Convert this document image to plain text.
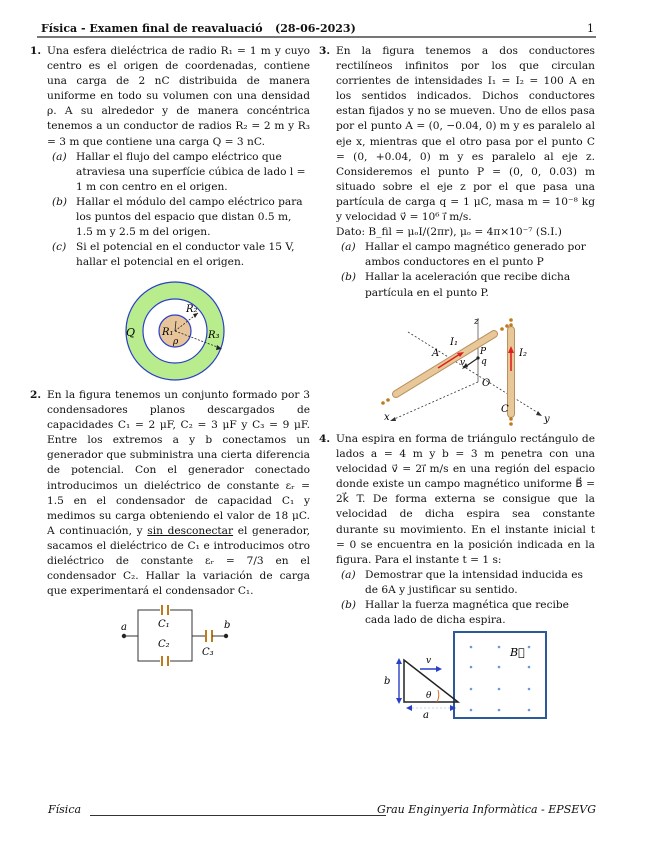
Física - Examen final de reavaluació (28-06-2023)	1
1. Una esfera dieléctrica de radio R₁ = 1 m y cuyo centro es el origen de coordenadas, contiene una carga de 2 nC distribuida de manera uniforme en todo su volumen con una densidad ρ. A su alrededor y de manera concéntrica tenemos a un conductor de radios R₂ = 2 m y R₃ = 3 m que contiene una carga Q = 3 nC.
(a) Hallar el flujo del campo eléctrico que atraviesa una superfície cúbica de lado l = 1 m con centro en el origen.
(b) Hallar el módulo del campo eléctrico para los puntos del espacio que distan 0.5 m, 1.5 m y 2.5 m del origen.
(c) Si el potencial en el conductor vale 15 V, hallar el potencial en el origen.
Q	R₁
ρ
R₂
R₃
2. En la figura tenemos un conjunto formado por 3 condensadores planos descargados de capacidades C₁ = 2 μF, C₂ = 3 μF y C₃ = 9 μF. Entre los extremos a y b conectamos un generador que subministra una cierta diferencia de potencial. Con el generador conectado introducimos un dieléctrico de constante εᵣ = 1.5 en el condensador de capacidad C₁ y medimos su carga obteniendo el valor de 18 μC. A continuación, y sin desconectar el generador, sacamos el dieléctrico de C₁ e introducimos otro dieléctrico de constante εᵣ = 7/3 en el condensador C₂. Hallar la variación de carga que experimentará el condensador C₁.
a	b
C₁
C₂
C₃
3. En la figura tenemos a dos conductores rectilíneos infinitos por los que circulan corrientes de intensidades I₁ = I₂ = 100 A en los sentidos indicados. Dichos conductores estan fijados y no se mueven. Uno de ellos pasa por el punto A = (0, −0.04, 0) m y es paralelo al eje x, mientras que el otro pasa por el punto C = (0, +0.04, 0) m y es paralelo al eje z. Consideremos el punto P = (0, 0, 0.03) m situado sobre el eje z por el que pasa una partícula de carga q = 1 μC, masa m = 10⁻⁸ kg y velocidad v⃗ = 10⁶ ı⃗ m/s.
Dato: B_fil = μₒI/(2πr), μₒ = 4π×10⁻⁷ (S.I.)
(a) Hallar el campo magnético generado por ambos conductores en el punto P
(b) Hallar la aceleración que recibe dicha partícula en el punto P.
z
I₁
I₂
A	P
q
v
O
C
x	y
4. Una espira en forma de triángulo rectángulo de lados a = 4 m y b = 3 m penetra con una velocidad v⃗ = 2ı⃗ m/s en una región del espacio donde existe un campo magnético uniforme B⃗ = 2k⃗ T. De forma externa se consigue que la velocidad de dicha espira sea constante durante su movimiento. En el instante inicial t = 0 se encuentra en la posición indicada en la figura. Para el instante t = 1 s:
(a) Demostrar que la intensidad inducida es de 6A y justificar su sentido.
(b) Hallar la fuerza magnética que recibe cada lado de dicha espira.
B⃗
θ
b
a
v
Física	Grau Enginyeria Informàtica - EPSEVG
